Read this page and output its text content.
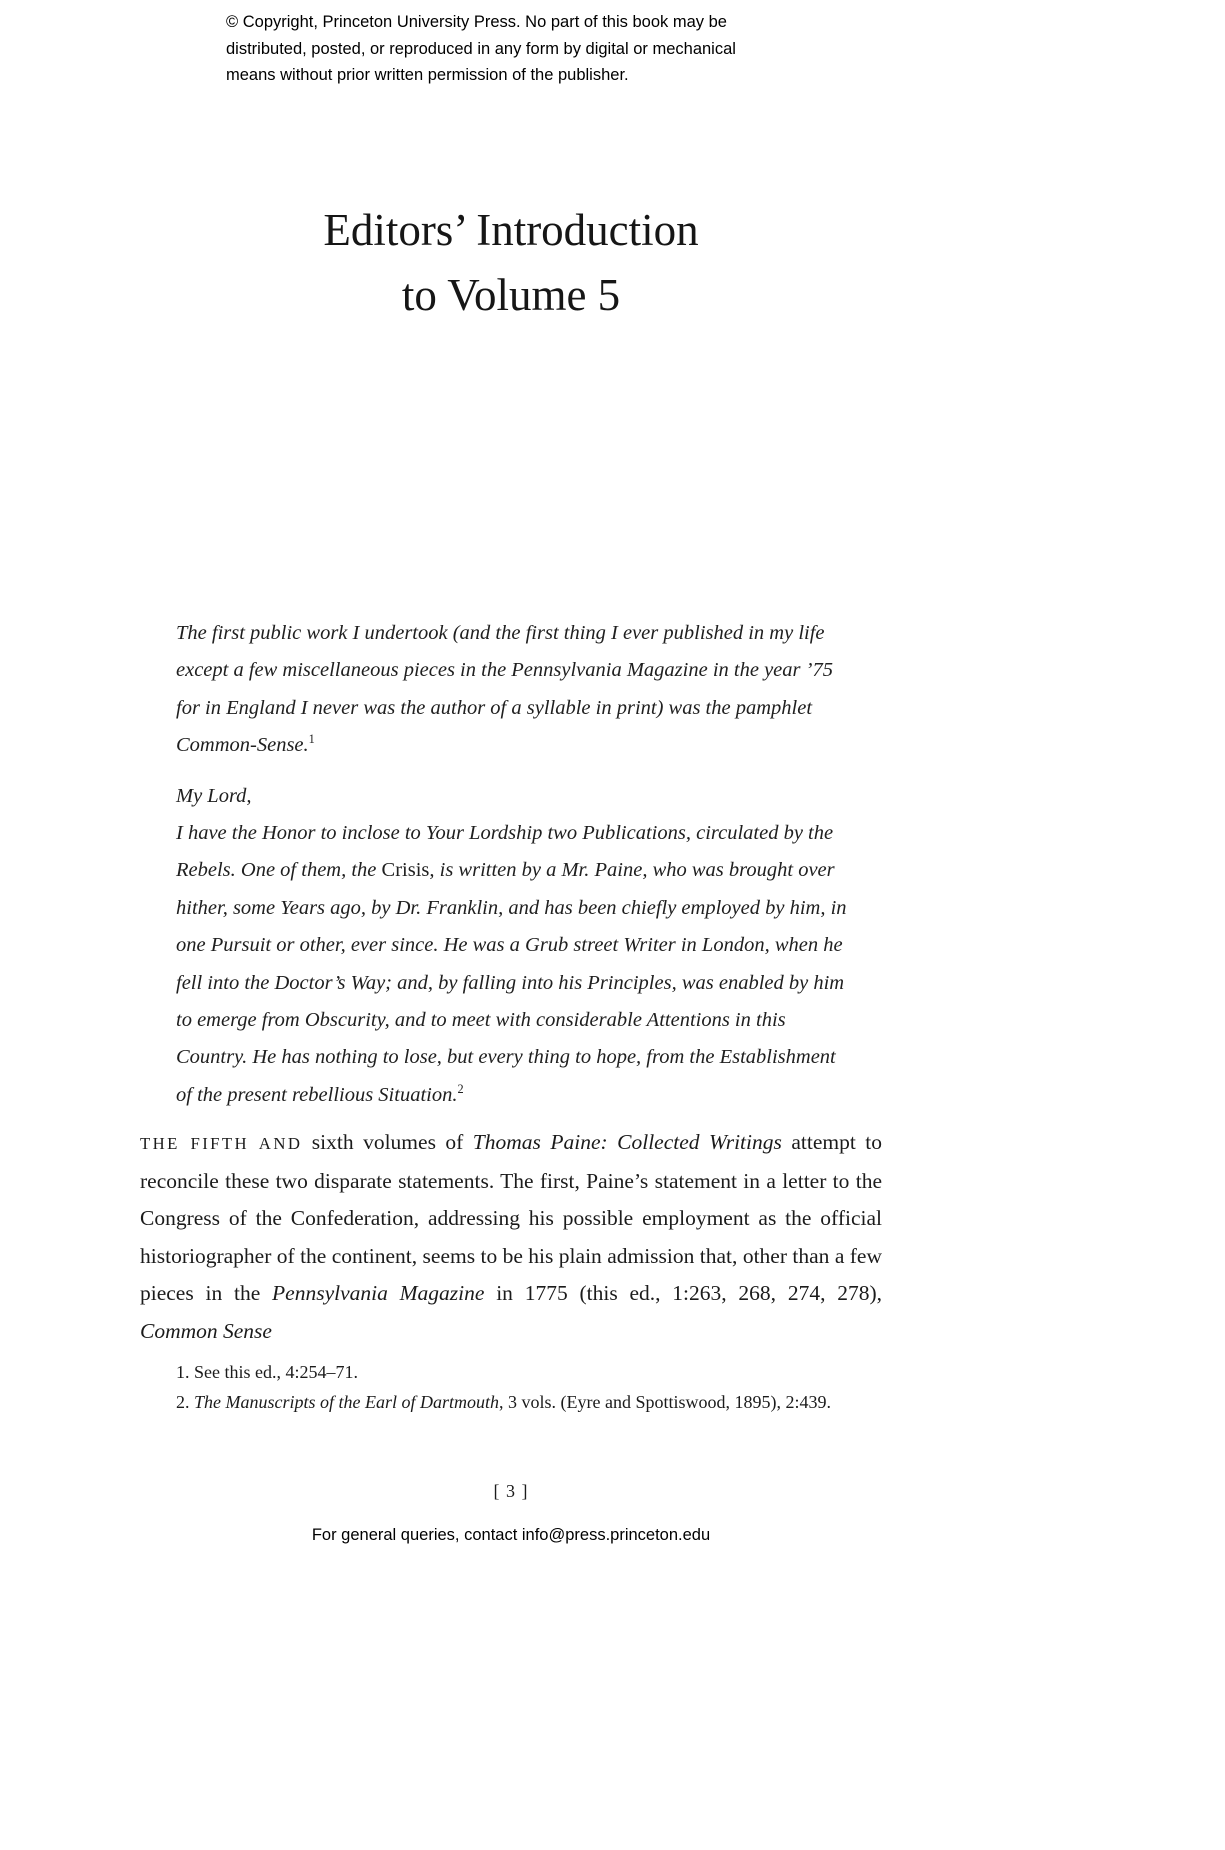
© Copyright, Princeton University Press. No part of this book may be
distributed, posted, or reproduced in any form by digital or mechanical
means without prior written permission of the publisher.
Editors’ Introduction
to Volume 5

The first public work I undertook (and the first thing I ever published in my life except a few miscellaneous pieces in the Pennsylvania Magazine in the year ’75 for in England I never was the author of a syllable in print) was the pamphlet Common-Sense.$^1$

My Lord,
I have the Honor to inclose to Your Lordship two Publications, circulated by the Rebels. One of them, the Crisis, is written by a Mr. Paine, who was brought over hither, some Years ago, by Dr. Franklin, and has been chiefly employed by him, in one Pursuit or other, ever since. He was a Grub street Writer in London, when he fell into the Doctor’s Way; and, by falling into his Principles, was enabled by him to emerge from Obscurity, and to meet with considerable Attentions in this Country. He has nothing to lose, but every thing to hope, from the Establishment of the present rebellious Situation.$^2$

THE FIFTH AND sixth volumes of Thomas Paine: Collected Writings attempt to reconcile these two disparate statements. The first, Paine’s statement in a letter to the Congress of the Confederation, addressing his possible employment as the official historiographer of the continent, seems to be his plain admission that, other than a few pieces in the Pennsylvania Magazine in 1775 (this ed., 1:263, 268, 274, 278), Common Sense

1. See this ed., 4:254–71.

2. The Manuscripts of the Earl of Dartmouth, 3 vols. (Eyre and Spottiswood, 1895), 2:439.

[ 3 ]
For general queries, contact info@press.princeton.edu
